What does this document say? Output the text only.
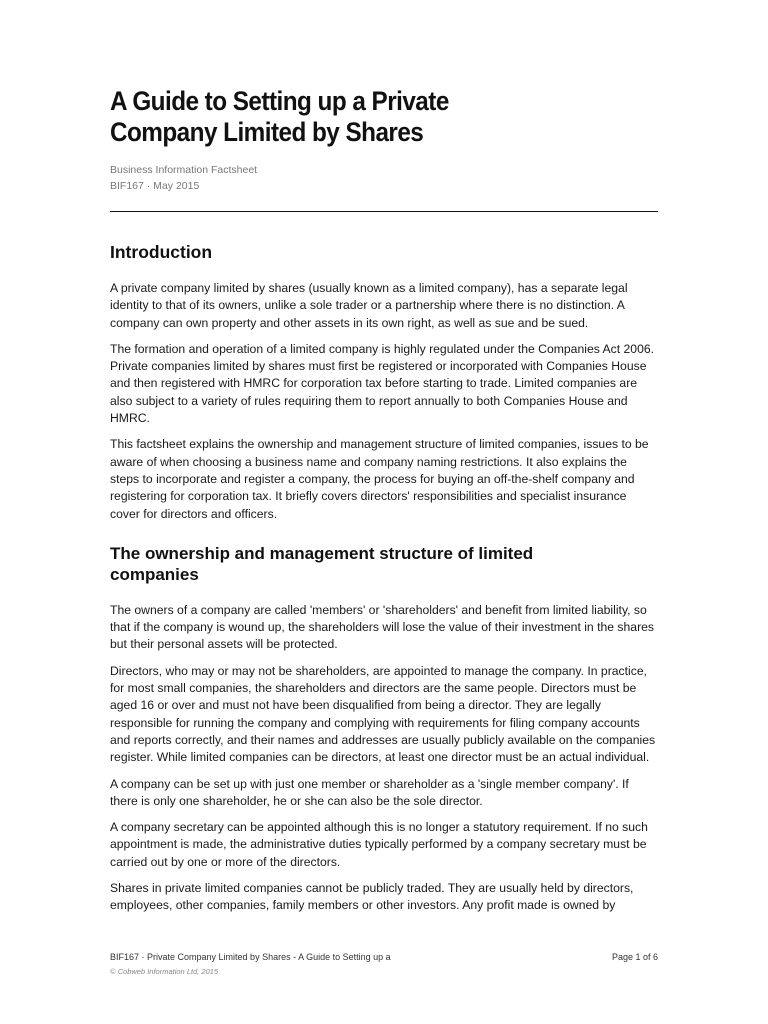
A Guide to Setting up a Private
Company Limited by Shares
Business Information Factsheet
BIF167 · May 2015
Introduction

A private company limited by shares (usually known as a limited company), has a separate legal identity to that of its owners, unlike a sole trader or a partnership where there is no distinction. A company can own property and other assets in its own right, as well as sue and be sued.

The formation and operation of a limited company is highly regulated under the Companies Act 2006. Private companies limited by shares must first be registered or incorporated with Companies House and then registered with HMRC for corporation tax before starting to trade. Limited companies are also subject to a variety of rules requiring them to report annually to both Companies House and HMRC.

This factsheet explains the ownership and management structure of limited companies, issues to be aware of when choosing a business name and company naming restrictions. It also explains the steps to incorporate and register a company, the process for buying an off-the-shelf company and registering for corporation tax. It briefly covers directors' responsibilities and specialist insurance cover for directors and officers.

The ownership and management structure of limited companies

The owners of a company are called 'members' or 'shareholders' and benefit from limited liability, so that if the company is wound up, the shareholders will lose the value of their investment in the shares but their personal assets will be protected.

Directors, who may or may not be shareholders, are appointed to manage the company. In practice, for most small companies, the shareholders and directors are the same people. Directors must be aged 16 or over and must not have been disqualified from being a director. They are legally responsible for running the company and complying with requirements for filing company accounts and reports correctly, and their names and addresses are usually publicly available on the companies register. While limited companies can be directors, at least one director must be an actual individual.

A company can be set up with just one member or shareholder as a 'single member company'. If there is only one shareholder, he or she can also be the sole director.

A company secretary can be appointed although this is no longer a statutory requirement. If no such appointment is made, the administrative duties typically performed by a company secretary must be carried out by one or more of the directors.

Shares in private limited companies cannot be publicly traded. They are usually held by directors, employees, other companies, family members or other investors. Any profit made is owned by

BIF167 · Private Company Limited by Shares - A Guide to Setting up a	Page 1 of 6
© Cobweb Information Ltd, 2015
